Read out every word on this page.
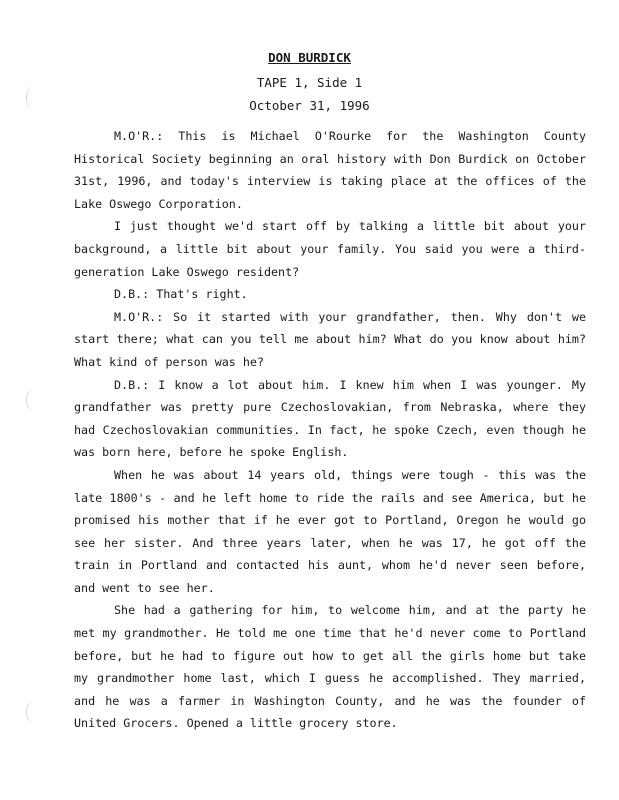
DON BURDICK
TAPE 1, Side 1
October 31, 1996

M.O'R.: This is Michael O'Rourke for the Washington County Historical Society beginning an oral history with Don Burdick on October 31st, 1996, and today's interview is taking place at the offices of the Lake Oswego Corporation.

I just thought we'd start off by talking a little bit about your background, a little bit about your family. You said you were a third-generation Lake Oswego resident?

D.B.: That's right.

M.O'R.: So it started with your grandfather, then. Why don't we start there; what can you tell me about him? What do you know about him? What kind of person was he?

D.B.: I know a lot about him. I knew him when I was younger. My grandfather was pretty pure Czechoslovakian, from Nebraska, where they had Czechoslovakian communities. In fact, he spoke Czech, even though he was born here, before he spoke English.

When he was about 14 years old, things were tough - this was the late 1800's - and he left home to ride the rails and see America, but he promised his mother that if he ever got to Portland, Oregon he would go see her sister. And three years later, when he was 17, he got off the train in Portland and contacted his aunt, whom he'd never seen before, and went to see her.

She had a gathering for him, to welcome him, and at the party he met my grandmother. He told me one time that he'd never come to Portland before, but he had to figure out how to get all the girls home but take my grandmother home last, which I guess he accomplished. They married, and he was a farmer in Washington County, and he was the founder of United Grocers. Opened a little grocery store.
